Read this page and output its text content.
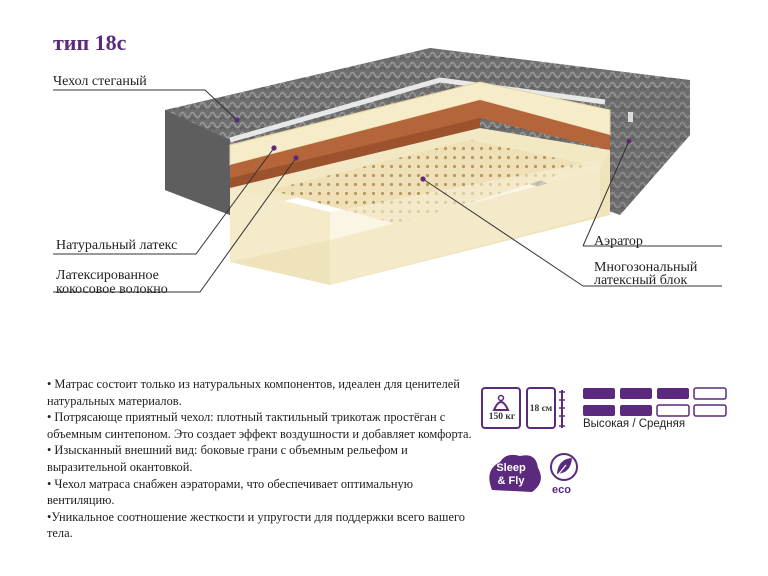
тип 18с
Чехол стеганый
Натуральный латекс
Латексированное
кокосовое волокно
Аэратор
Многозональный
латексный блок

• Матрас состоит только из натуральных компонентов, идеален для ценителей натуральных материалов.

• Потрясающе приятный чехол: плотный тактильный трикотаж простёган с объемным синтепоном. Это создает эффект воздушности и добавляет комфорта.

• Изысканный внешний вид: боковые грани с объемным рельефом и выразительной окантовкой.

• Чехол матраса снабжен аэраторами, что обеспечивает оптимальную вентиляцию.

•Уникальное соотношение жесткости и упругости для поддержки всего вашего тела.

150 кг
18 см
Высокая / Средняя
Sleep
& Fly
eco
